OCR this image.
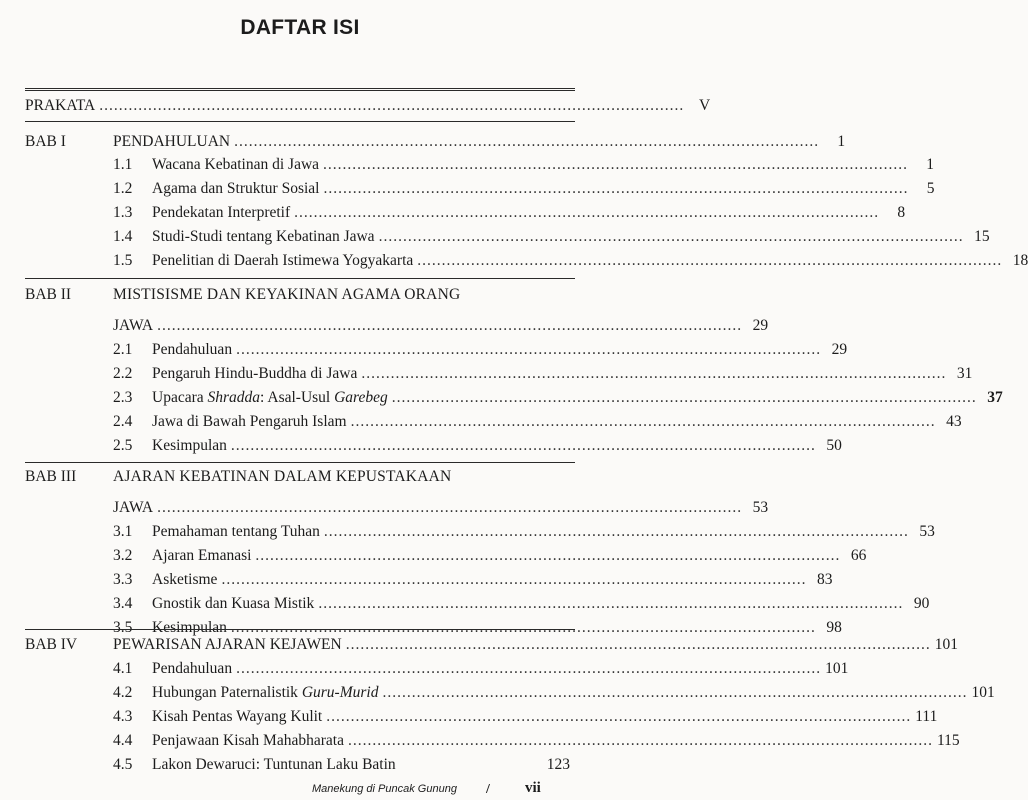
DAFTAR ISI
PRAKATA ........................................................................................................................ V
BAB I	PENDAHULUAN ........................................................................................................................	1
1.1 Wacana Kebatinan di Jawa ........................................................................................................................	1
1.2 Agama dan Struktur Sosial ........................................................................................................................	5
1.3 Pendekatan Interpretif ........................................................................................................................	8
1.4 Studi-Studi tentang Kebatinan Jawa ........................................................................................................................ 15
1.5 Penelitian di Daerah Istimewa Yogyakarta ........................................................................................................................ 18
BAB II	MISTISISME DAN KEYAKINAN AGAMA ORANG
JAWA ........................................................................................................................ 29
2.1 Pendahuluan ........................................................................................................................ 29
2.2 Pengaruh Hindu-Buddha di Jawa ........................................................................................................................ 31
2.3 Upacara Shradda: Asal-Usul Garebeg ........................................................................................................................ 37
2.4 Jawa di Bawah Pengaruh Islam ........................................................................................................................ 43
2.5 Kesimpulan ........................................................................................................................ 50
BAB III AJARAN KEBATINAN DALAM KEPUSTAKAAN
JAWA ........................................................................................................................ 53
3.1 Pemahaman tentang Tuhan ........................................................................................................................ 53
3.2 Ajaran Emanasi ........................................................................................................................ 66
3.3 Asketisme ........................................................................................................................ 83
3.4 Gnostik dan Kuasa Mistik ........................................................................................................................ 90
3.5 Kesimpulan ........................................................................................................................ 98
BAB IV PEWARISAN AJARAN KEJAWEN ........................................................................................................................ 101
4.1 Pendahuluan ........................................................................................................................ 101
4.2 Hubungan Paternalistik Guru-Murid ........................................................................................................................ 101
4.3 Kisah Pentas Wayang Kulit ........................................................................................................................ 111
4.4 Penjawaan Kisah Mahabharata ........................................................................................................................ 115
4.5 Lakon Dewaruci: Tuntunan Laku Batin	123
Manekung di Puncak Gunung / vii
